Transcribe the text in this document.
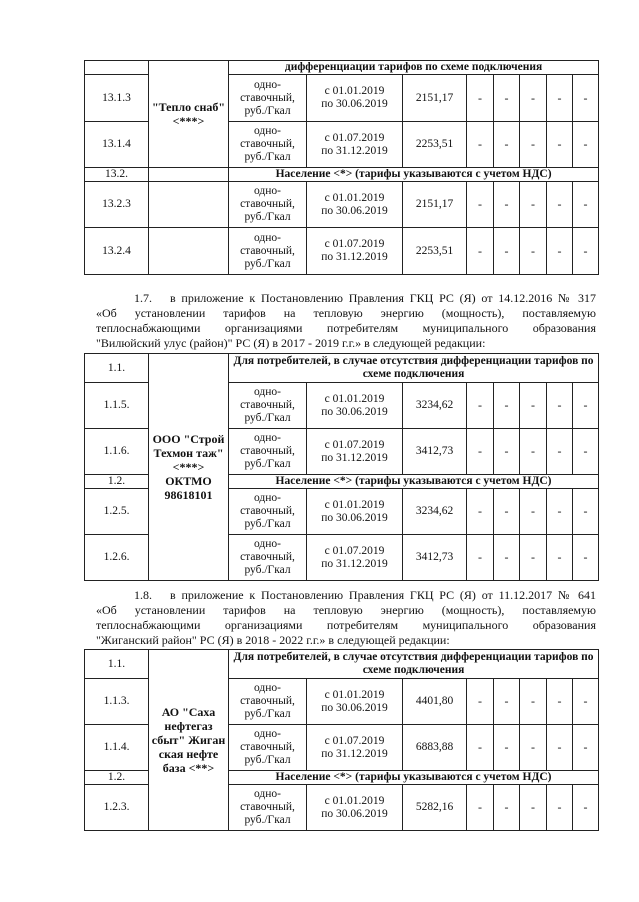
	"Тепло снаб" <***>	дифференциации тарифов по схеме подключения							
13.1.3		одно-
ставочный,
руб./Гкал	с 01.01.2019
по 30.06.2019	2151,17	-	-	-	-	-
13.1.4		одно-
ставочный,
руб./Гкал	с 01.07.2019
по 31.12.2019	2253,51	-	-	-	-	-
13.2.		Население <*> (тарифы указываются с учетом НДС)							
13.2.3		одно-
ставочный,
руб./Гкал	с 01.01.2019
по 30.06.2019	2151,17	-	-	-	-	-
13.2.4		одно-
ставочный,
руб./Гкал	с 01.07.2019
по 31.12.2019	2253,51	-	-	-	-	-
1.7. в приложение к Постановлению Правления ГКЦ РС (Я) от 14.12.2016 № 317
«Об установлении тарифов на тепловую энергию (мощность), поставляемую
теплоснабжающими организациями потребителям муниципального образования
"Вилюйский улус (район)" РС (Я) в 2017 - 2019 г.г.» в следующей редакции:
1.1.	ООО "Строй Техмон таж" <***> ОКТМО 98618101	Для потребителей, в случае отсутствия дифференциации тарифов по схеме подключения							
1.1.5.		одно-
ставочный,
руб./Гкал	с 01.01.2019
по 30.06.2019	3234,62	-	-	-	-	-
1.1.6.		одно-
ставочный,
руб./Гкал	с 01.07.2019
по 31.12.2019	3412,73	-	-	-	-	-
1.2.		Население <*> (тарифы указываются с учетом НДС)							
1.2.5.		одно-
ставочный,
руб./Гкал	с 01.01.2019
по 30.06.2019	3234,62	-	-	-	-	-
1.2.6.		одно-
ставочный,
руб./Гкал	с 01.07.2019
по 31.12.2019	3412,73	-	-	-	-	-
1.8. в приложение к Постановлению Правления ГКЦ РС (Я) от 11.12.2017 № 641
«Об установлении тарифов на тепловую энергию (мощность), поставляемую
теплоснабжающими организациями потребителям муниципального образования
"Жиганский район" РС (Я) в 2018 - 2022 г.г.» в следующей редакции:
1.1.	АО "Саха нефтегаз сбыт" Жиган ская нефте база <**>	Для потребителей, в случае отсутствия дифференциации тарифов по схеме подключения							
1.1.3.		одно-
ставочный,
руб./Гкал	с 01.01.2019
по 30.06.2019	4401,80	-	-	-	-	-
1.1.4.		одно-
ставочный,
руб./Гкал	с 01.07.2019
по 31.12.2019	6883,88	-	-	-	-	-
1.2.		Население <*> (тарифы указываются с учетом НДС)							
1.2.3.		одно-
ставочный,
руб./Гкал	с 01.01.2019
по 30.06.2019	5282,16	-	-	-	-	-
